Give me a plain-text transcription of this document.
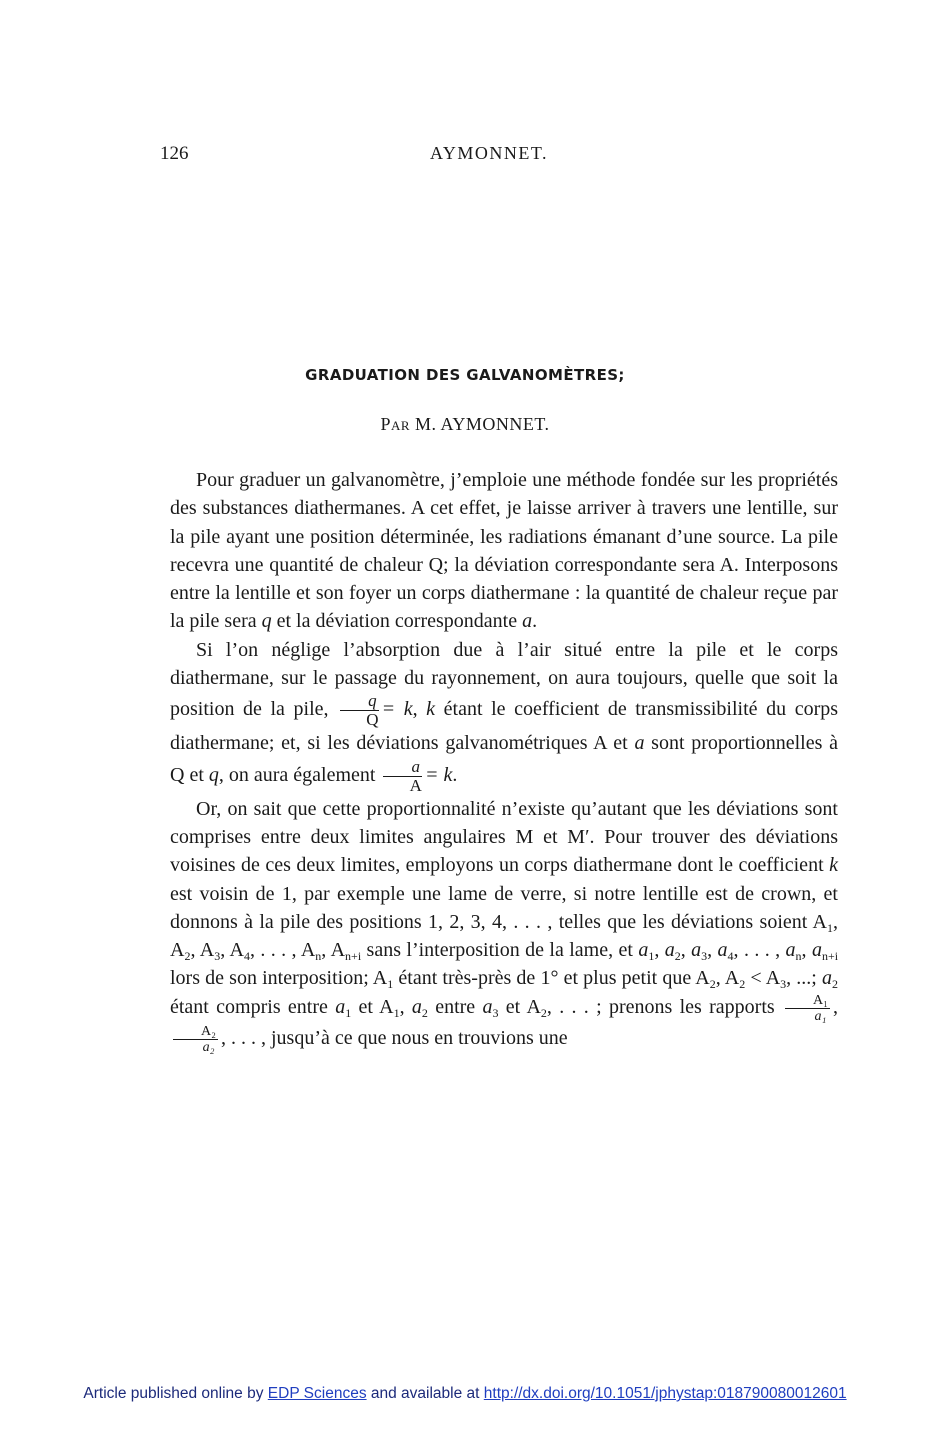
126	AYMONNET.
GRADUATION DES GALVANOMÈTRES;
PAR M. AYMONNET.

Pour graduer un galvanomètre, j’emploie une méthode fondée sur les propriétés des substances diathermanes. A cet effet, je laisse arriver à travers une lentille, sur la pile ayant une position déterminée, les radiations émanant d’une source. La pile recevra une quantité de chaleur Q; la déviation correspondante sera A. Interposons entre la lentille et son foyer un corps diathermane : la quantité de chaleur reçue par la pile sera q et la déviation correspondante a.

Si l’on néglige l’absorption due à l’air situé entre la pile et le corps diathermane, sur le passage du rayonnement, on aura toujours, quelle que soit la position de la pile, $\frac{q}{Q} = k$, k étant le coefficient de transmissibilité du corps diathermane; et, si les déviations galvanométriques A et a sont proportionnelles à Q et q, on aura également $\frac{a}{A} = k$.

Or, on sait que cette proportionnalité n’existe qu’autant que les déviations sont comprises entre deux limites angulaires M et M′. Pour trouver des déviations voisines de ces deux limites, employons un corps diathermane dont le coefficient k est voisin de 1, par exemple une lame de verre, si notre lentille est de crown, et donnons à la pile des positions 1, 2, 3, 4, . . . , telles que les déviations soient $A_1$, $A_2$, $A_3$, $A_4$, . . . , $A_n$, $A_{n+i}$ sans l’interposition de la lame, et $a_1$, $a_2$, $a_3$, $a_4$, . . . , $a_n$, $a_{n+i}$ lors de son interposition; $A_1$ étant très-près de 1° et plus petit que $A_2$, $A_2 < A_3$, ...; $a_2$ étant compris entre $a_1$ et $A_1$, $a_2$ entre $a_3$ et $A_2$, . . . ; prenons les rapports $\frac{\text{A₁}}{\text{a₁}}$ ,
$\frac{\text{A₂}}{\text{a₂}}$ , . . . , jusqu’à ce que nous en trouvions une

Article published online by EDP Sciences and available at http://dx.doi.org/10.1051/jphystap:018790080012601
